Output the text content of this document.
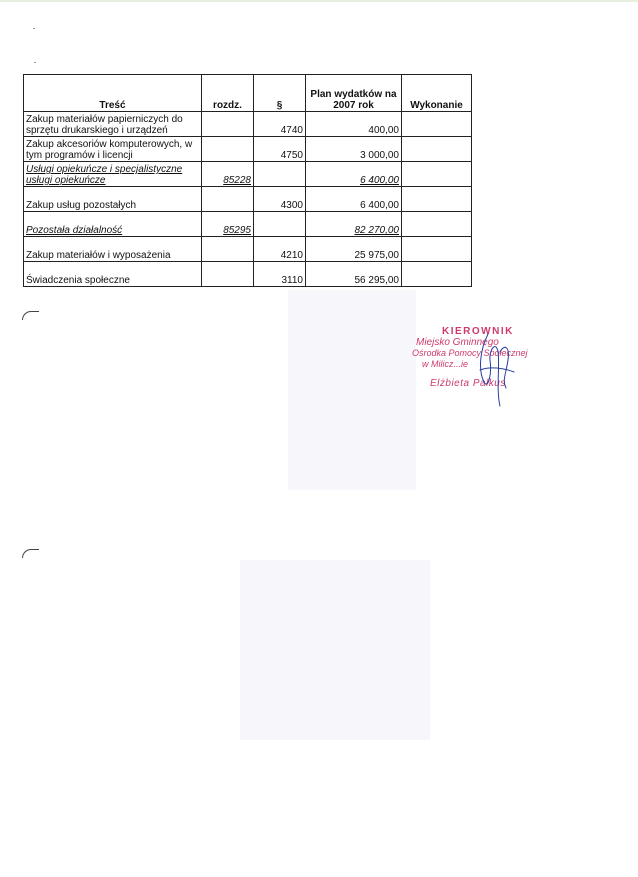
Treść	rozdz.	§	Plan wydatków na 2007 rok	Wykonanie
Zakup materiałów papierniczych do sprzętu drukarskiego i urządzeń		4740	400,00	
Zakup akcesoriów komputerowych, w tym programów i licencji		4750	3 000,00	
Usługi opiekuńcze i specjalistyczne usługi opiekuńcze	85228		6 400,00	
Zakup usług pozostałych		4300	6 400,00	
Pozostała działalność	85295		82 270,00	
Zakup materiałów i wyposażenia		4210	25 975,00	
Świadczenia społeczne		3110	56 295,00	
KIEROWNIK
Miejsko Gminnego
Ośrodka Pomocy Społecznej
w Milicz...ie
Elżbieta Pałkus
